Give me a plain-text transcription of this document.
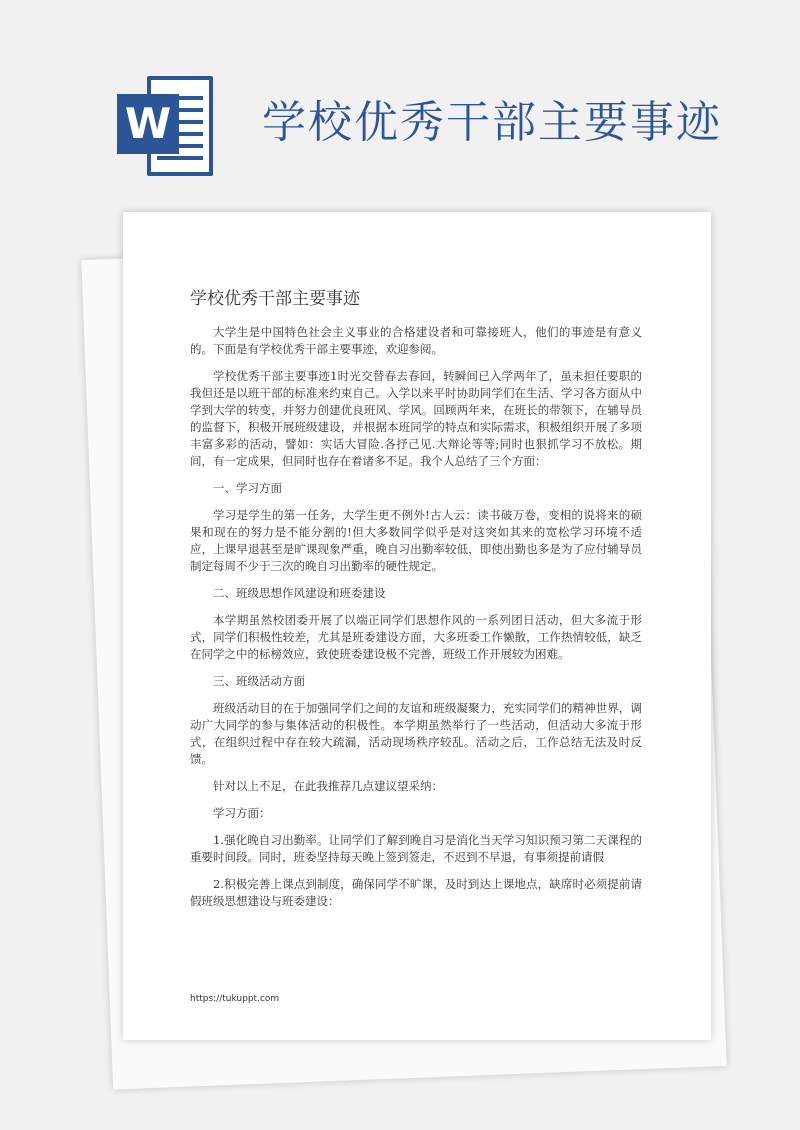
W 学校优秀干部主要事迹
学校优秀干部主要事迹

大学生是中国特色社会主义事业的合格建设者和可靠接班人，他们的事迹是有意义的。下面是有学校优秀干部主要事迹，欢迎参阅。

学校优秀干部主要事迹1时光交替春去春回，转瞬间已入学两年了，虽未担任要职的我但还是以班干部的标准来约束自己。入学以来平时协助同学们在生活、学习各方面从中学到大学的转变，并努力创建优良班风、学风。回顾两年来，在班长的带领下，在辅导员的监督下，积极开展班级建设，并根据本班同学的特点和实际需求，积极组织开展了多项丰富多彩的活动，譬如：实话大冒险.各抒己见.大辩论等等;同时也狠抓学习不放松。期间，有一定成果，但同时也存在着诸多不足。我个人总结了三个方面：

一、学习方面

学习是学生的第一任务，大学生更不例外!古人云：读书破万卷，变相的说将来的硕果和现在的努力是不能分割的!但大多数同学似乎是对这突如其来的宽松学习环境不适应，上课早退甚至是旷课现象严重，晚自习出勤率较低，即使出勤也多是为了应付辅导员制定每周不少于三次的晚自习出勤率的硬性规定。

二、班级思想作风建设和班委建设

本学期虽然校团委开展了以端正同学们思想作风的一系列团日活动，但大多流于形式，同学们积极性较差，尤其是班委建设方面，大多班委工作懒散，工作热情较低，缺乏在同学之中的标榜效应，致使班委建设极不完善，班级工作开展较为困难。

三、班级活动方面

班级活动目的在于加强同学们之间的友谊和班级凝聚力，充实同学们的精神世界，调动广大同学的参与集体活动的积极性。本学期虽然举行了一些活动，但活动大多流于形式，在组织过程中存在较大疏漏，活动现场秩序较乱。活动之后，工作总结无法及时反馈。

针对以上不足，在此我推荐几点建议望采纳：

学习方面：

1.强化晚自习出勤率。让同学们了解到晚自习是消化当天学习知识预习第二天课程的重要时间段。同时，班委坚持每天晚上签到签走，不迟到不早退，有事须提前请假

2.积极完善上课点到制度，确保同学不旷课，及时到达上课地点，缺席时必须提前请假班级思想建设与班委建设：

https://tukuppt.com
